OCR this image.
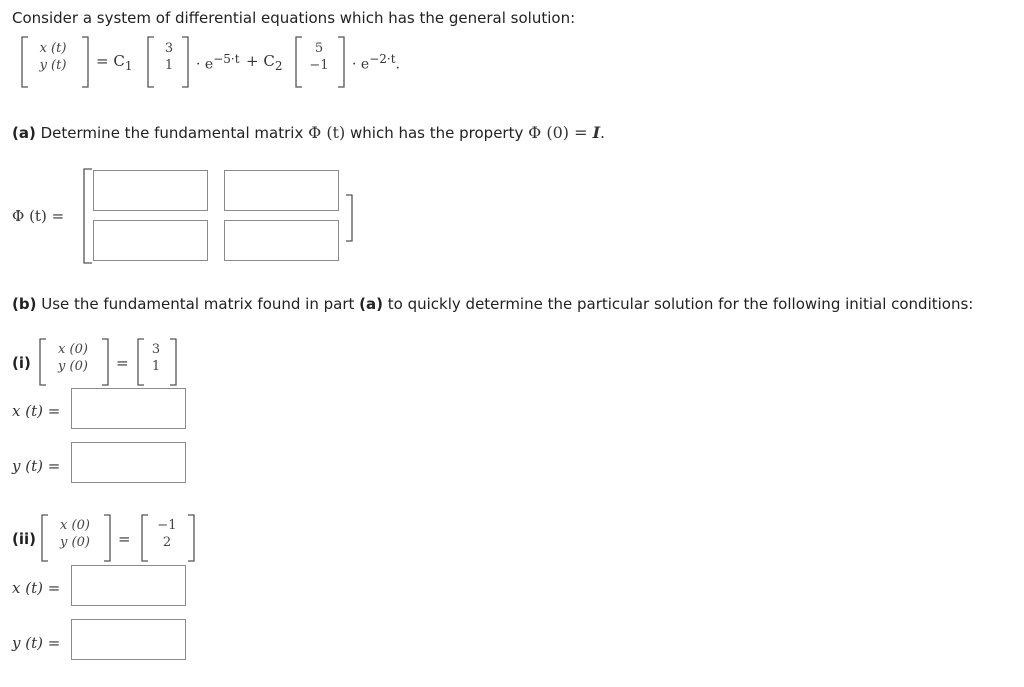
Consider a system of differential equations which has the general solution:
x (t)
y (t)	= $C_1$
3
1	· $e^{-5\cdot t} + C_2$
5
−1	· $e^{-2\cdot t}$.
(a) Determine the fundamental matrix Φ (t) which has the property Φ (0) = I.
Φ (t) =
(b) Use the fundamental matrix found in part (a) to quickly determine the particular solution for the following initial conditions:
(i)
x (0)
y (0)	=
3
1
x (t) =
y (t) =
(ii)
x (0)
y (0)	=
−1
2
x (t) =
y (t) =
